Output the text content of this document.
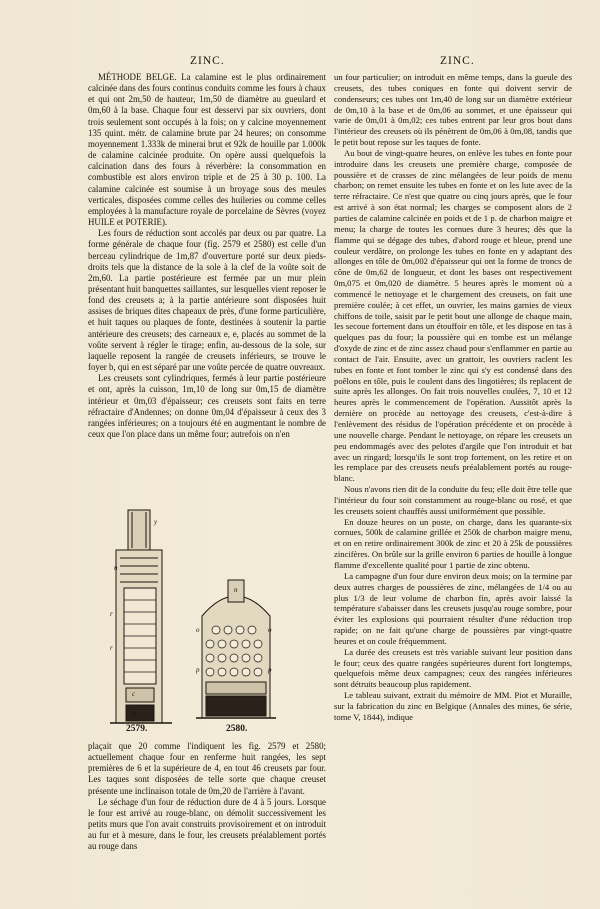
ZINC.	ZINC.

MÉTHODE BELGE. La calamine est le plus ordinairement calcinée dans des fours continus conduits comme les fours à chaux et qui ont 2m,50 de hauteur, 1m,50 de diamètre au gueulard et 0m,60 à la base. Chaque four est desservi par six ouvriers, dont trois seulement sont occupés à la fois; on y calcine moyennement 135 quint. métr. de calamine brute par 24 heures; on consomme moyennement 1.333k de minerai brut et 92k de houille par 1.000k de calamine calcinée produite. On opère aussi quelquefois la calcination dans des fours à réverbère: la consommation en combustible est alors environ triple et de 25 à 30 p. 100. La calamine calcinée est soumise à un broyage sous des meules verticales, disposées comme celles des huileries ou comme celles employées à la manufacture royale de porcelaine de Sèvres (voyez HUILE et POTERIE).

Les fours de réduction sont accolés par deux ou par quatre. La forme générale de chaque four (fig. 2579 et 2580) est celle d'un berceau cylindrique de 1m,87 d'ouverture porté sur deux pieds-droits tels que la distance de la sole à la clef de la voûte soit de 2m,60. La partie postérieure est fermée par un mur plein présentant huit banquettes saillantes, sur lesquelles vient reposer le fond des creusets a; à la partie antérieure sont disposées huit assises de briques dites chapeaux de près, d'une forme particulière, et huit taques ou plaques de fonte, destinées à soutenir la partie antérieure des creusets; des carneaux e, e, placés au sommet de la voûte servent à régler le tirage; enfin, au-dessous de la sole, sur laquelle reposent la rangée de creusets inférieurs, se trouve le foyer b, qui en est séparé par une voûte percée de quatre ouvreaux.

Les creusets sont cylindriques, fermés à leur partie postérieure et ont, après la cuisson, 1m,10 de long sur 0m,15 de diamètre intérieur et 0m,03 d'épaisseur; ces creusets sont faits en terre réfractaire d'Andennes; on donne 0m,04 d'épaisseur à ceux des 3 rangées inférieures; on a toujours été en augmentant le nombre de ceux que l'on place dans un même four; autrefois on n'en

y
n
r
r
c
b
n
o	o
p	p
2579.	2580.

plaçait que 20 comme l'indiquent les fig. 2579 et 2580; actuellement chaque four en renferme huit rangées, les sept premières de 6 et la supérieure de 4, en tout 46 creusets par four. Les taques sont disposées de telle sorte que chaque creuset présente une inclinaison totale de 0m,20 de l'arrière à l'avant.

Le séchage d'un four de réduction dure de 4 à 5 jours. Lorsque le four est arrivé au rouge-blanc, on démolit successivement les petits murs que l'on avait construits provisoirement et on introduit au fur et à mesure, dans le four, les creusets préalablement portés au rouge dans

un four particulier; on introduit en même temps, dans la gueule des creusets, des tubes coniques en fonte qui doivent servir de condenseurs; ces tubes ont 1m,40 de long sur un diamètre extérieur de 0m,10 à la base et de 0m,06 au sommet, et une épaisseur qui varie de 0m,01 à 0m,02; ces tubes entrent par leur gros bout dans l'intérieur des creusets où ils pénètrent de 0m,06 à 0m,08, tandis que le petit bout repose sur les taques de fonte.

Au bout de vingt-quatre heures, on enlève les tubes en fonte pour introduire dans les creusets une première charge, composée de poussière et de crasses de zinc mélangées de leur poids de menu charbon; on remet ensuite les tubes en fonte et on les lute avec de la terre réfractaire. Ce n'est que quatre ou cinq jours après, que le four est arrivé à son état normal; les charges se composent alors de 2 parties de calamine calcinée en poids et de 1 p. de charbon maigre et menu; la charge de toutes les cornues dure 3 heures; dès que la flamme qui se dégage des tubes, d'abord rouge et bleue, prend une couleur verdâtre, on prolonge les tubes en fonte en y adaptant des allonges en tôle de 0m,002 d'épaisseur qui ont la forme de troncs de cône de 0m,62 de longueur, et dont les bases ont respectivement 0m,075 et 0m,020 de diamètre. 5 heures après le moment où a commencé le nettoyage et le chargement des creusets, on fait une première coulée; à cet effet, un ouvrier, les mains garnies de vieux chiffons de toile, saisit par le petit bout une allonge de chaque main, les secoue fortement dans un étouffoir en tôle, et les dispose en tas à quelques pas du four; la poussière qui en tombe est un mélange d'oxyde de zinc et de zinc assez chaud pour s'enflammer en partie au contact de l'air. Ensuite, avec un grattoir, les ouvriers raclent les tubes en fonte et font tomber le zinc qui s'y est condensé dans des poêlons en tôle, puis le coulent dans des lingotières; ils replacent de suite après les allonges. On fait trois nouvelles coulées, 7, 10 et 12 heures après le commencement de l'opération. Aussitôt après la dernière on procède au nettoyage des creusets, c'est-à-dire à l'enlèvement des résidus de l'opération précédente et on procède à une nouvelle charge. Pendant le nettoyage, on répare les creusets un peu endommagés avec des pelotes d'argile que l'on introduit et bat avec un ringard; lorsqu'ils le sont trop fortement, on les retire et on les remplace par des creusets neufs préalablement portés au rouge-blanc.

Nous n'avons rien dit de la conduite du feu; elle doit être telle que l'intérieur du four soit constamment au rouge-blanc ou rosé, et que les creusets soient chauffés aussi uniformément que possible.

En douze heures on un poste, on charge, dans les quarante-six cornues, 500k de calamine grillée et 250k de charbon maigre menu, et on en retire ordinairement 300k de zinc et 20 à 25k de poussières zincifères. On brûle sur la grille environ 6 parties de houille à longue flamme d'excellente qualité pour 1 partie de zinc obtenu.

La campagne d'un four dure environ deux mois; on la termine par deux autres charges de poussières de zinc, mélangées de 1/4 ou au plus 1/3 de leur volume de charbon fin, après avoir laissé la température s'abaisser dans les creusets jusqu'au rouge sombre, pour éviter les explosions qui pourraient résulter d'une réduction trop rapide; on ne fait qu'une charge de poussières par vingt-quatre heures et on coule fréquemment.

La durée des creusets est très variable suivant leur position dans le four; ceux des quatre rangées supérieures durent fort longtemps, quelquefois même deux campagnes; ceux des rangées inférieures sont détruits beaucoup plus rapidement.

Le tableau suivant, extrait du mémoire de MM. Piot et Muraille, sur la fabrication du zinc en Belgique (Annales des mines, 6e série, tome V, 1844), indique
